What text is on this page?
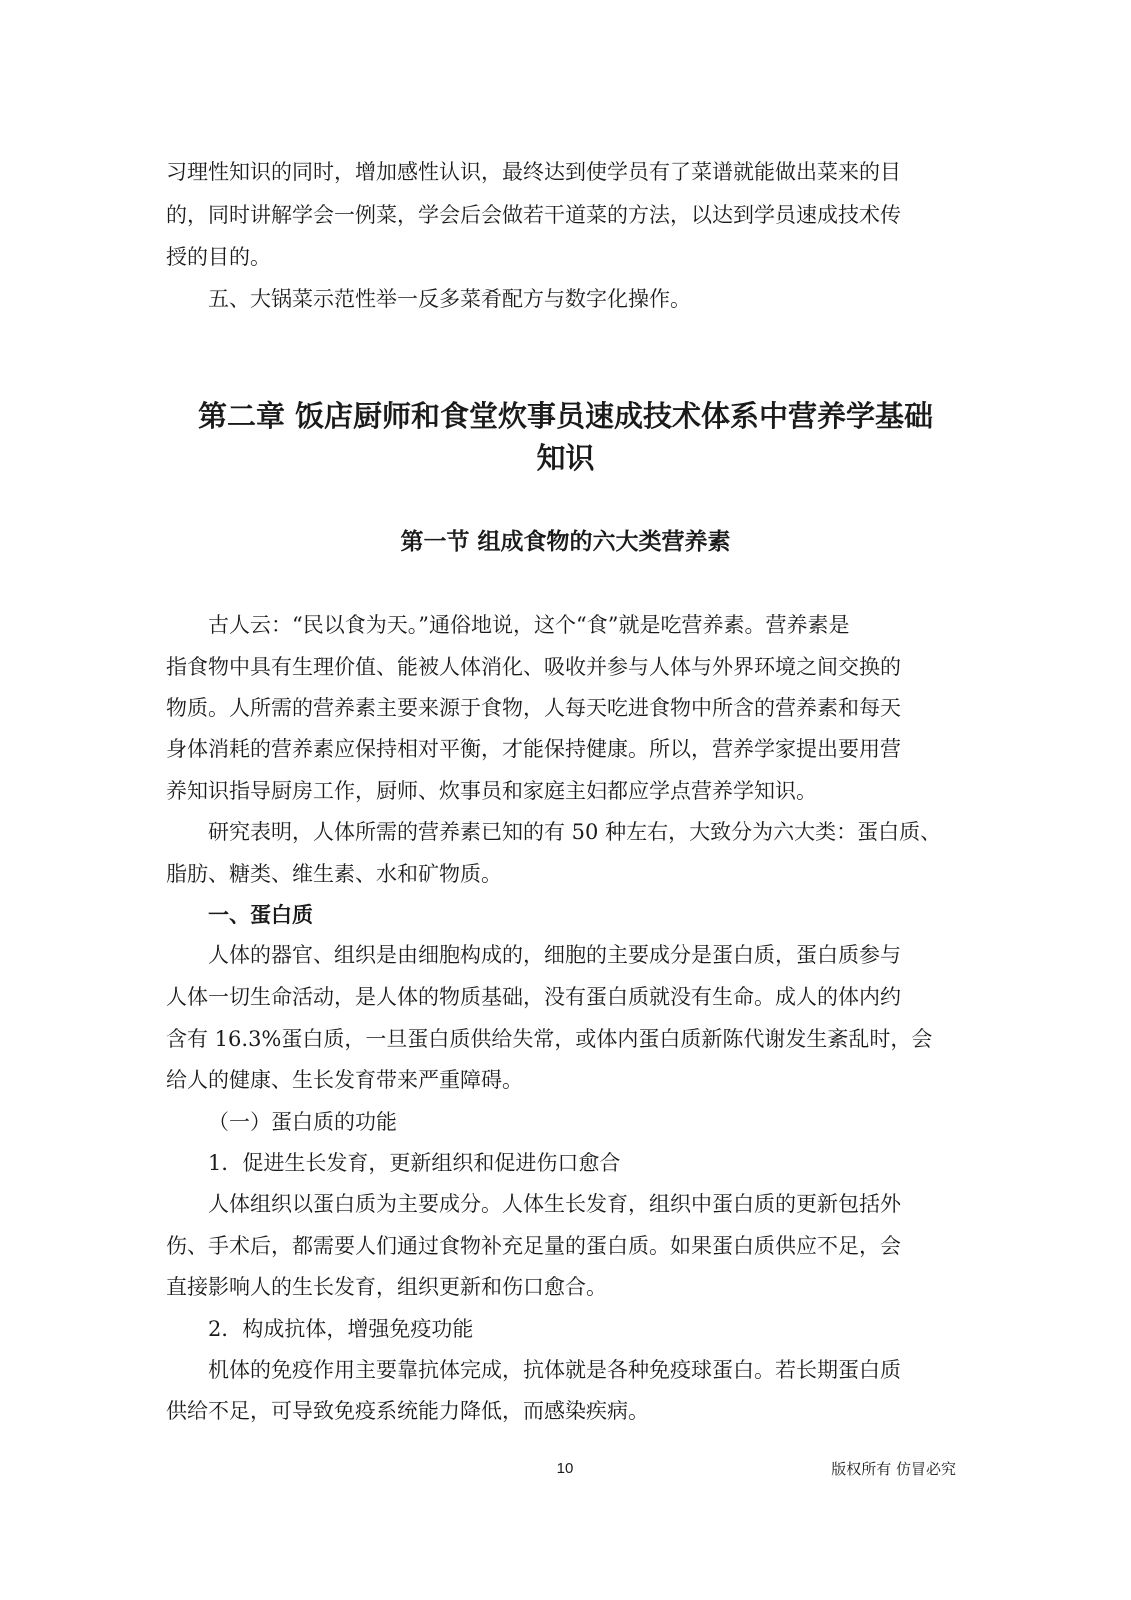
习理性知识的同时，增加感性认识，最终达到使学员有了菜谱就能做出菜来的目
的，同时讲解学会一例菜，学会后会做若干道菜的方法，以达到学员速成技术传
授的目的。
五、大锅菜示范性举一反多菜肴配方与数字化操作。
第二章 饭店厨师和食堂炊事员速成技术体系中营养学基础
知识
第一节 组成食物的六大类营养素
古人云：“民以食为天。”通俗地说，这个“食”就是吃营养素。营养素是
指食物中具有生理价值、能被人体消化、吸收并参与人体与外界环境之间交换的
物质。人所需的营养素主要来源于食物，人每天吃进食物中所含的营养素和每天
身体消耗的营养素应保持相对平衡，才能保持健康。所以，营养学家提出要用营
养知识指导厨房工作，厨师、炊事员和家庭主妇都应学点营养学知识。
研究表明，人体所需的营养素已知的有 50 种左右，大致分为六大类：蛋白质、
脂肪、糖类、维生素、水和矿物质。
一、蛋白质
人体的器官、组织是由细胞构成的，细胞的主要成分是蛋白质，蛋白质参与
人体一切生命活动，是人体的物质基础，没有蛋白质就没有生命。成人的体内约
含有 16.3%蛋白质，一旦蛋白质供给失常，或体内蛋白质新陈代谢发生紊乱时，会
给人的健康、生长发育带来严重障碍。
（一）蛋白质的功能
1．促进生长发育，更新组织和促进伤口愈合
人体组织以蛋白质为主要成分。人体生长发育，组织中蛋白质的更新包括外
伤、手术后，都需要人们通过食物补充足量的蛋白质。如果蛋白质供应不足，会
直接影响人的生长发育，组织更新和伤口愈合。
2．构成抗体，增强免疫功能
机体的免疫作用主要靠抗体完成，抗体就是各种免疫球蛋白。若长期蛋白质
供给不足，可导致免疫系统能力降低，而感染疾病。
10	版权所有 仿冒必究
